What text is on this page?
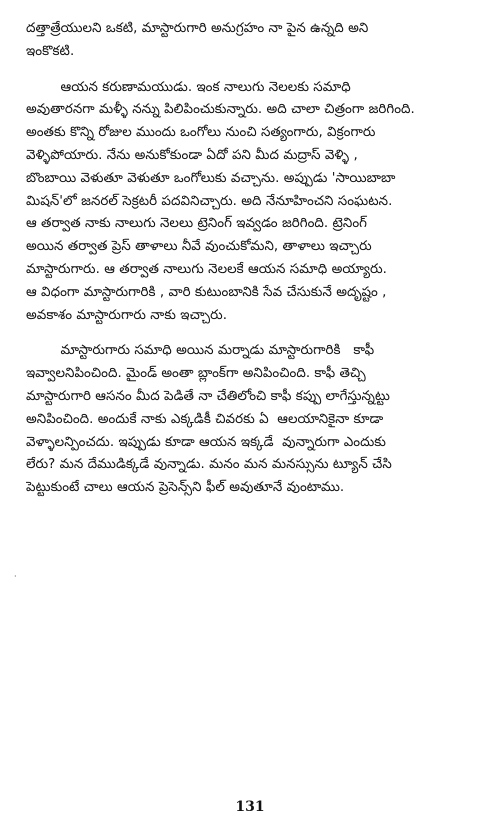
దత్తాత్రేయులని ఒకటి, మాస్టారుగారి అనుగ్రహం నా పైన ఉన్నది అని
ఇంకొకటి.
ఆయన కరుణామయుడు. ఇంక నాలుగు నెలలకు సమాధి
అవుతారనగా మళ్ళీ నన్ను పిలిపించుకున్నారు. అది చాలా చిత్రంగా జరిగింది.
అంతకు కొన్ని రోజుల ముందు ఒంగోలు నుంచి సత్యంగారు, విక్రంగారు
వెళ్ళిపోయారు. నేను అనుకోకుండా ఏదో పని మీద మద్రాస్ వెళ్ళి ,
బొంబాయి వెళుతూ వెళుతూ ఒంగోలుకు వచ్చాను. అప్పుడు 'సాయిబాబా
మిషన్'లో జనరల్ సెక్రటరీ పదవినిచ్చారు. అది నేనూహించని సంఘటన.
ఆ తర్వాత నాకు నాలుగు నెలలు ట్రెనింగ్ ఇవ్వడం జరిగింది. ట్రెనింగ్
అయిన తర్వాత ప్రెస్ తాళాలు నీవే వుంచుకోమని, తాళాలు ఇచ్చారు
మాస్టారుగారు. ఆ తర్వాత నాలుగు నెలలకే ఆయన సమాధి అయ్యారు.
ఆ విధంగా మాస్టారుగారికి , వారి కుటుంబానికి సేవ చేసుకునే అదృష్టం ,
అవకాశం మాస్టారుగారు నాకు ఇచ్చారు.
మాస్టారుగారు సమాధి అయిన మర్నాడు మాస్టారుగారికి   కాఫీ
ఇవ్వాలనిపించింది. మైండ్ అంతా బ్లాంక్‌గా అనిపించింది. కాఫీ తెచ్చి
మాస్టారుగారి ఆసనం మీద పెడితే నా చేతిలోంచి కాఫీ కప్పు లాగేస్తున్నట్టు
అనిపించింది. అందుకే నాకు ఎక్కడికీ చివరకు ఏ  ఆలయానికైనా కూడా
వెళ్ళాలన్పించదు. ఇప్పుడు కూడా ఆయన ఇక్కడే  వున్నారుగా ఎందుకు
లేరు? మన దేముడిక్కడే వున్నాడు. మనం మన మనస్సును ట్యూన్ చేసి
పెట్టుకుంటే చాలు ఆయన ప్రెసెన్స్‌ని ఫీల్ అవుతూనే వుంటాము.
·
131
